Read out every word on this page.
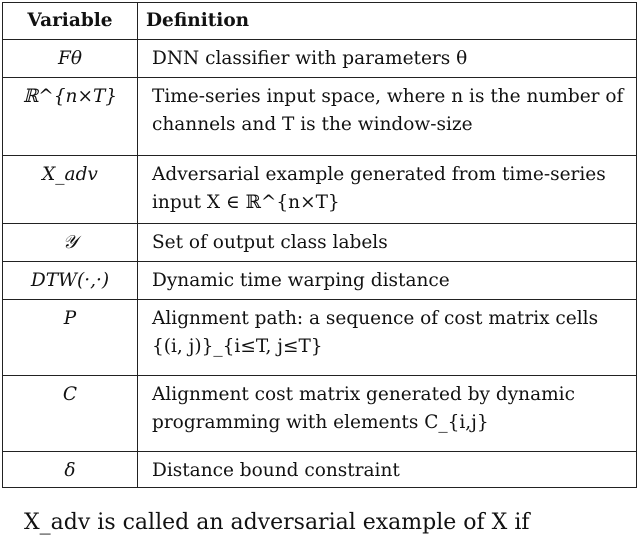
Variable	Definition
Fθ	DNN classifier with parameters θ
ℝ^{n×T}	Time-series input space, where n is the number of channels and T is the window-size
X_adv	Adversarial example generated from time-series input X ∈ ℝ^{n×T}
𝒴	Set of output class labels
DTW(·,·)	Dynamic time warping distance
P	Alignment path: a sequence of cost matrix cells {(i, j)}_{i≤T, j≤T}
C	Alignment cost matrix generated by dynamic programming with elements C_{i,j}
δ	Distance bound constraint
X_adv is called an adversarial example of X if
